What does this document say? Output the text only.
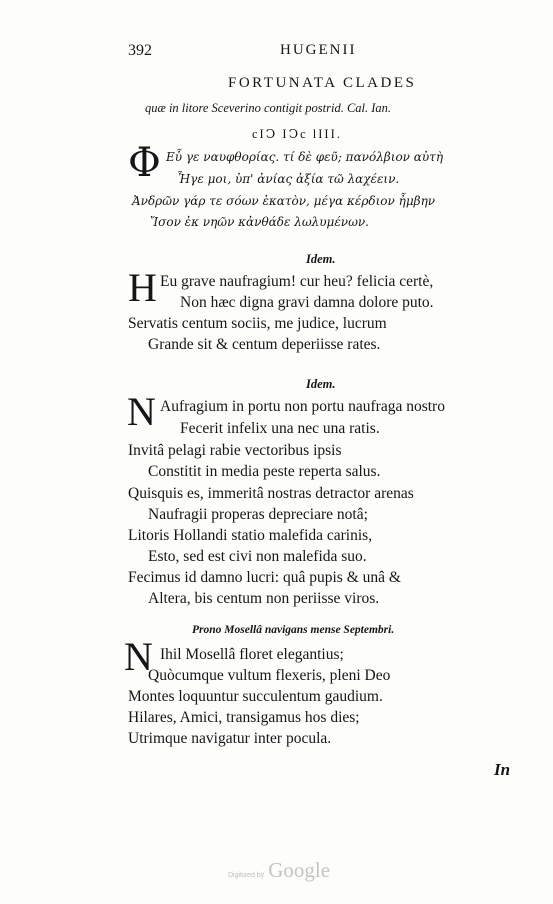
392	HUGENII
FORTUNATA CLADES
quæ in litore Sceverino contigit postrid. Cal. Ian.
cIↃ IↃc lIII.
Φ Εὖ γε ναυφθορίας. τί δὲ φεῦ; πανόλβιον αὐτὴ
Ἦγε μοι, ὑπ' ἀνίας ἀξία τῶ λαχέειν.
Ἀνδρῶν γάρ τε σόων ἑκατὸν, μέγα κέρδιον ἦμβην
Ἴσον ἐκ νηῶν κἀνθάδε λωλυμένων.
Idem.
H Eu grave naufragium! cur heu? felicia certè,
Non hæc digna gravi damna dolore puto.
Servatis centum sociis, me judice, lucrum
Grande sit & centum deperiisse rates.
Idem.
N Aufragium in portu non portu naufraga nostro
Fecerit infelix una nec una ratis.
Invitâ pelagi rabie vectoribus ipsis
Constitit in media peste reperta salus.
Quisquis es, immeritâ nostras detractor arenas
Naufragii properas depreciare notâ;
Litoris Hollandi statio malefida carinis,
Esto, sed est civi non malefida suo.
Fecimus id damno lucri: quâ pupis & unâ &
Altera, bis centum non periisse viros.
Prono Mosellâ navigans mense Septembri.
N Ihil Mosellâ floret elegantius;
Quòcumque vultum flexeris, pleni Deo
Montes loquuntur succulentum gaudium.
Hilares, Amici, transigamus hos dies;
Utrimque navigatur inter pocula.
In
Digitized by Google
